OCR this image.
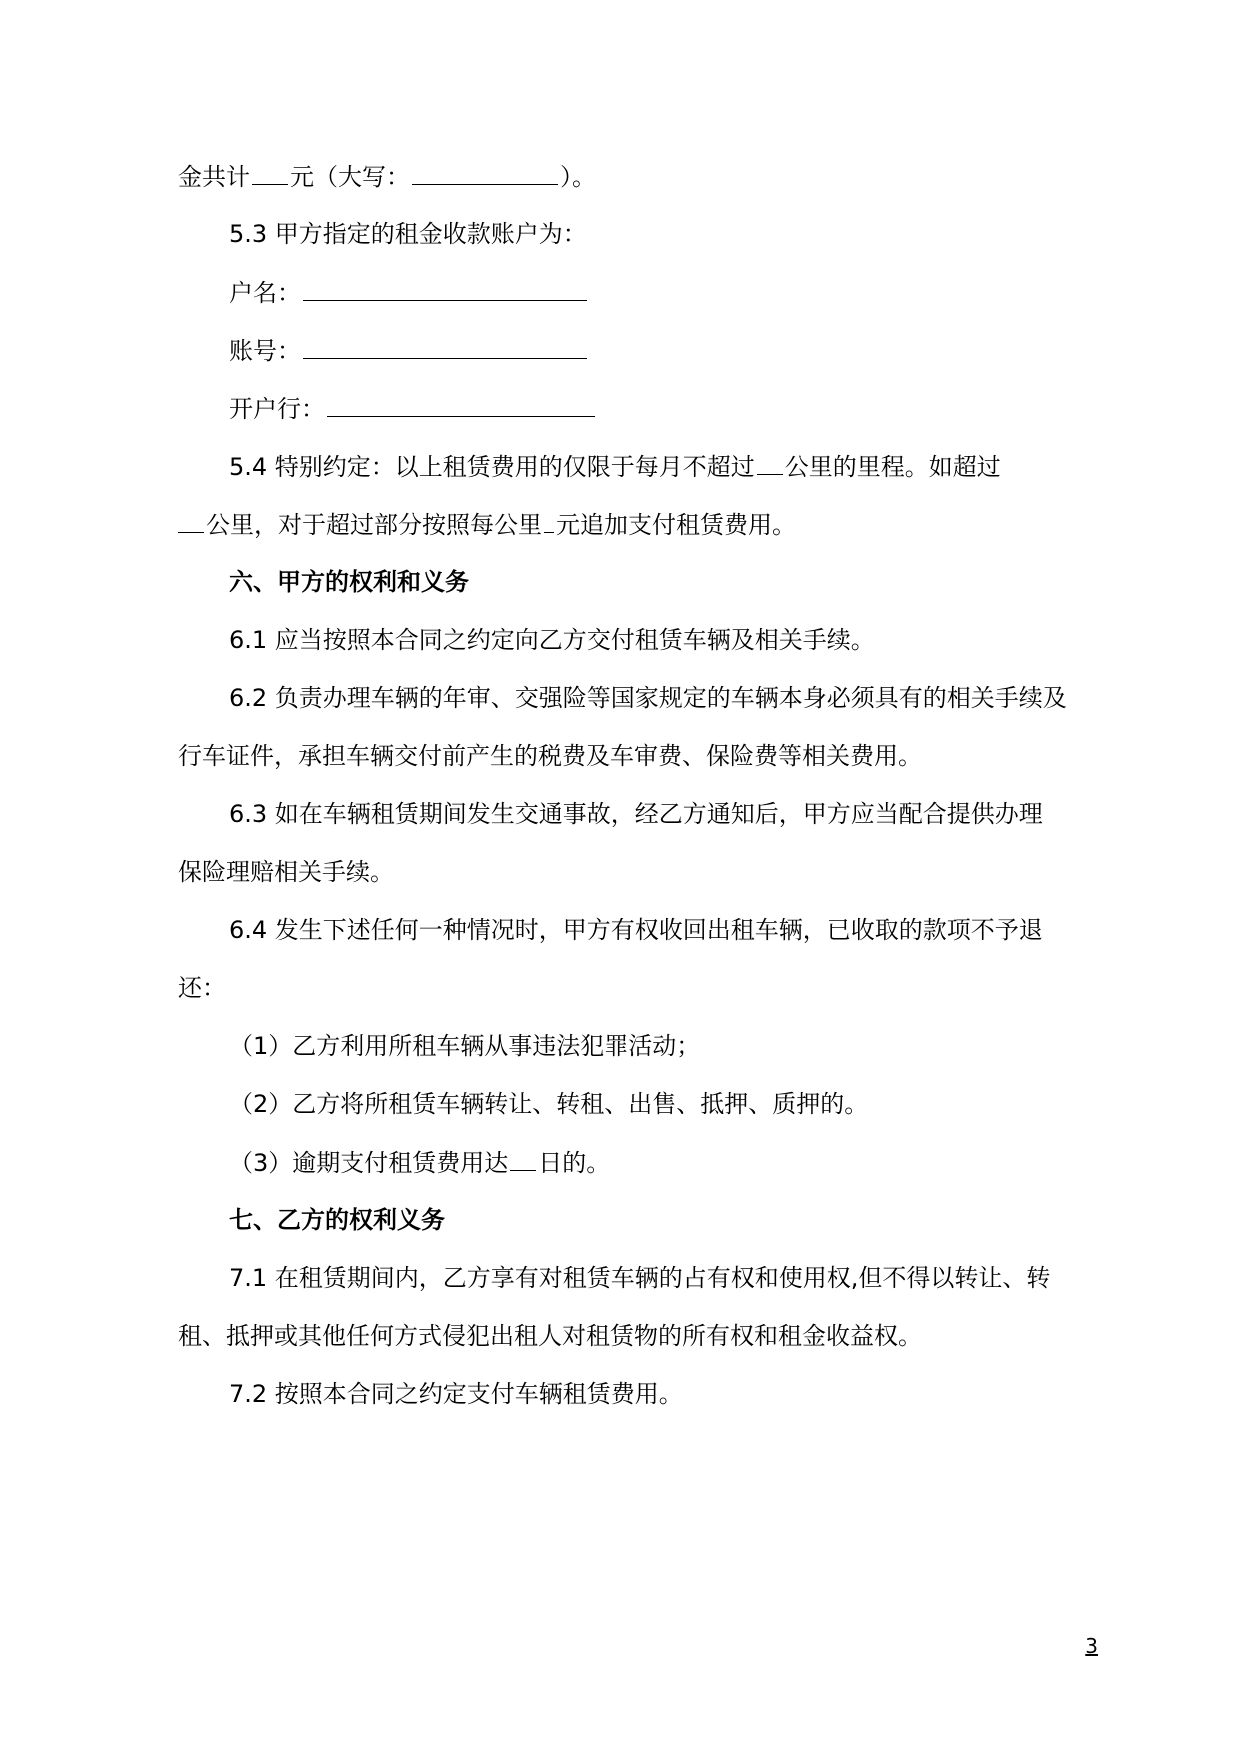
金共计 元（大写：	）。
5.3 甲方指定的租金收款账户为：
户名：
账号：
开户行：
5.4 特别约定：以上租赁费用的仅限于每月不超过 公里的里程。如超过
公里，对于超过部分按照每公里 元追加支付租赁费用。
六、甲方的权利和义务
6.1 应当按照本合同之约定向乙方交付租赁车辆及相关手续。
6.2 负责办理车辆的年审、交强险等国家规定的车辆本身必须具有的相关手续及
行车证件，承担车辆交付前产生的税费及车审费、保险费等相关费用。
6.3 如在车辆租赁期间发生交通事故，经乙方通知后，甲方应当配合提供办理
保险理赔相关手续。
6.4 发生下述任何一种情况时，甲方有权收回出租车辆，已收取的款项不予退
还：
（1）乙方利用所租车辆从事违法犯罪活动；
（2）乙方将所租赁车辆转让、转租、出售、抵押、质押的。
（3）逾期支付租赁费用达 日的。
七、乙方的权利义务
7.1 在租赁期间内，乙方享有对租赁车辆的占有权和使用权,但不得以转让、转
租、抵押或其他任何方式侵犯出租人对租赁物的所有权和租金收益权。
7.2 按照本合同之约定支付车辆租赁费用。
3
